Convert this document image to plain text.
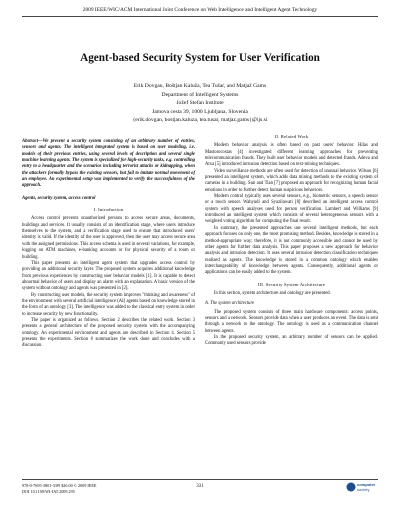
2009 IEEE/WIC/ACM International Joint Conference on Web Intelligence and Intelligent Agent Technology
Agent-based Security System for User Verification
Erik Dovgan, Boštjan Kaluža, Tea Tušar, and Matjaž Gams
Department of Intelligent Systems
Jožef Stefan Institute
Jamova cesta 39, 1000 Ljubljana, Slovenia
{erik.dovgan, bostjan.kaluza, tea.tusar, matjaz.gams}@ijs.si

Abstract—We present a security system consisting of an arbitrary number of entries, sensors and agents. The intelligent integrated system is based on user modeling, i.e. models of their previous entries, using several levels of description and several single machine learning agents. The system is specialized for high-security tasks, e.g. controlling entry to a headquarter and the scenarios including terrorist attacks or kidnapping, when the attackers formally bypass the existing sensors, but fail to imitate normal movement of an employee. An experimental setup was implemented to verify the successfulness of the approach.

Agents, security system, access control

I. Introduction

Access control prevents unauthorized persons to access secure areas, documents, buildings and services. It usually consists of an identification stage, where users introduce themselves to the system, and a verification stage used to ensure that introduced users' identity is valid. If the identity of the user is approved, then the user may access secure area with the assigned permissions. This access schema is used in several variations, for example, logging on ATM machines, e-banking accounts or for physical security of a room or building.

This paper presents an intelligent agent system that upgrades access control by providing an additional security layer. The proposed system acquires additional knowledge from previous experiences by constructing user behavior models [1]. It is capable to detect abnormal behavior of users and display an alarm with an explanation. A basic version of the system without ontology and agents was presented in [2].

By constructing user models, the security system improves "thinking and awareness" of the environment with several artificial intelligence (AI) agents based on knowledge stored in the form of an ontology [3]. The intelligence was added to the classical entry system in order to increase security by new functionality.

The paper is organized as follows. Section 2 describes the related work. Section 3 presents a general architecture of the proposed security system with the accompanying ontology. An experimental environment and agents are described in Section 4. Section 5 presents the experiments. Section 6 summarizes the work done and concludes with a discussion.

II. Related Work

Modern behavior analysis is often based on past users' behavior. Hilas and Mastorocostas [4] investigated different learning approaches for preventing telecommunication frauds. They built user behavior models and detected frauds. Adeva and Atxa [5] introduced intrusion detection based on text-mining techniques.

Video surveillance methods are often used for detection of unusual behavior. Wilson [6] presented an intelligent system, which adds data mining methods to the existing system of cameras in a building. Sun and Tian [7] proposed an approach for recognizing human facial emotions in order to further detect human suspicious behaviors.

Modern control typically uses several sensors, e.g., biometric sensors, a speech sensor or a touch sensor. Wahyudi and Syazilawati [8] described an intelligent access control system with speech analyses used for person verification. Lambert and Williams [9] introduced an intelligent system which consists of several heterogeneous sensors with a weighted voting algorithm for computing the final result.

In summary, the presented approaches use several intelligent methods, but each approach focuses on only one, the most promising method. Besides, knowledge is stored in a method-appropriate way; therefore, it is not commonly accessible and cannot be used by other agents for further data analysis. This paper proposes a new approach for behavior analysis and intrusion detection. It uses several intrusion detection classification techniques realized as agents. The knowledge is stored in a common ontology which enables interchangeability of knowledge between agents. Consequently, additional agents or applications can be easily added to the system.

III. Security System Architecture

In this section, system architecture and ontology are presented.

A. The system architecture

The proposed system consists of three main hardware components: access points, sensors and a network. Sensors provide data when a user produces an event. The data is sent through a network to the ontology. The ontology is used as a communication channel between agents.

In the proposed security system, an arbitrary number of sensors can be applied. Commonly used sensors provide

978-0-7695-3801-3/09 $26.00 © 2009 IEEE
DOI 10.1109/WI-IAT.2009.295
331	computer
society
